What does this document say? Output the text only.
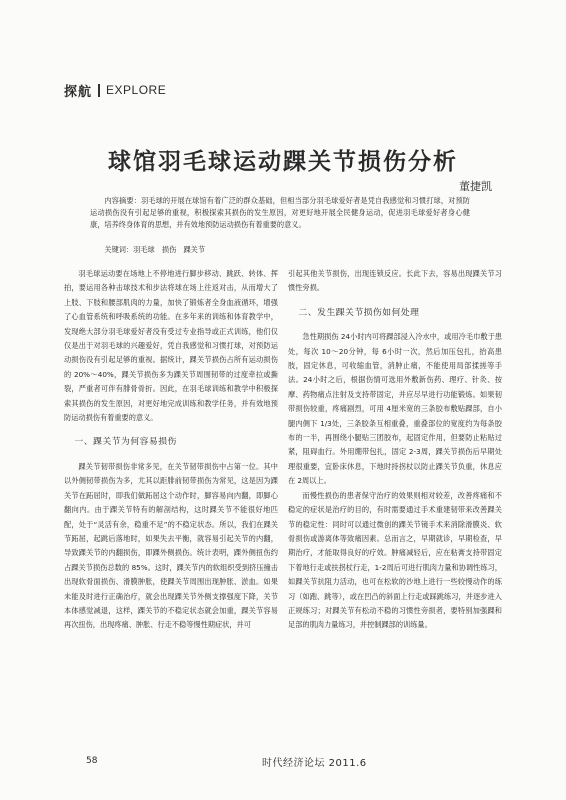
探航 EXPLORE
球馆羽毛球运动踝关节损伤分析
董捷凯
内容摘要：羽毛球的开展在球馆有着广泛的群众基础，但相当部分羽毛球爱好者是凭自我感觉和习惯打球，对预防运动损伤没有引起足够的重视，积极探索其损伤的发生原因，对更好地开展全民健身运动，促进羽毛球爱好者身心健康，培养终身体育的思想，并有效地预防运动损伤有着重要的意义。
关键词：羽毛球　损伤　踝关节

羽毛球运动要在场地上不停地进行脚步移动、跳跃、转体、挥拍，要运用各种击球技术和步法将球在场上往返对击，从而增大了上肢、下肢和腰部肌肉的力量，加快了锻炼者全身血液循环，增强了心血管系统和呼吸系统的功能。在多年来的训练和体育教学中，发现绝大部分羽毛球爱好者没有受过专业指导或正式训练，他们仅仅是出于对羽毛球的兴趣爱好，凭自我感觉和习惯打球，对预防运动损伤没有引起足够的重视。据统计，踝关节损伤占所有运动损伤的 20%～40%，踝关节损伤多为踝关节周围韧带的过度牵拉或撕裂，严重者可伴有腓骨骨折。因此，在羽毛球训练和教学中积极探索其损伤的发生原因，对更好地完成训练和教学任务，并有效地预防运动损伤有着重要的意义。

一、踝关节为何容易损伤

踝关节韧带损伤非常多见，在关节韧带损伤中占第一位。其中以外侧韧带损伤为多，尤其以距腓前韧带损伤为常见，这是因为踝关节在跖屈时，即我们做跖屈这个动作时，脚容易向内翻，即脚心翻向内。由于踝关节特有的解剖结构，这时踝关节不能很好地匹配，处于“灵活有余，稳重不足”的不稳定状态。所以，我们在踝关节跖屈，起跳后落地时，如果失去平衡，就容易引起关节的内翻，导致踝关节的内翻损伤，即踝外侧损伤。统计表明，踝外侧扭伤约占踝关节损伤总数的 85%。这时，踝关节内的软组织受到挤压撞击出现软骨面损伤、滑膜肿胀，使踝关节周围出现肿胀、淤血。如果未能及时进行正确治疗，就会出现踝关节外侧支撑强度下降，关节本体感觉减退，这样，踝关节的不稳定状态就会加重，踝关节容易再次扭伤，出现疼痛、肿胀、行走不稳等慢性期症状，并可

引起其他关节损伤，出现连锁反应。长此下去，容易出现踝关节习惯性旁损。

二、发生踝关节损伤如何处理

急性期损伤 24小时内可将踝部浸入冷水中，或用冷毛巾敷于患处，每次 10～20分钟，每 6小时一次，然后加压包扎，抬高患肢，固定休息，可收缩血管，消肿止痛，不能使用局部揉搓等手法。24小时之后，根据伤情可选用外敷新伤药、理疗、针灸、按摩、药物痛点注射及支持带固定，并应尽早进行功能锻炼。如果韧带损伤较重，疼痛剧烈，可用 4厘米宽的三条胶布敷贴踝部，自小腿内侧下 1/3处，三条胶条互相重叠，重叠部位的宽度约为每条胶布的一半，再围绕小腿贴三团胶布，起固定作用，但要防止粘贴过紧，阻碍血行。外用绷带包扎，固定 2-3周，踝关节损伤后早期处理很重要，宜卧床休息，下地时持拐杖以防止踝关节负重，休息应在 2周以上。

而慢性损伤的患者保守治疗的效果则相对较差，改善疼痛和不稳定的症状是治疗的目的，有时需要通过手术重建韧带来改善踝关节的稳定性：同时可以通过微创的踝关节镜手术来消除滑膜炎、软骨损伤或游离体等致痛因素。总而言之，早期就诊，早期检查，早期治疗，才能取得良好的疗效。肿痛减轻后，应在粘膏支持带固定下着地行走或扶拐杖行走，1-2周后可进行肌肉力量和协调性练习，如踝关节抗阻力活动，也可在松软的沙地上进行一些较慢动作的练习（如跑、跳等），或在凹凸的斜面上行走或踩跳练习，并逐步进入正规练习；对踝关节有松动不稳的习惯性旁损者，要特别加强踝和足部的肌肉力量练习，并控制踝部的训练量。

58	时代经济论坛 2011.6
